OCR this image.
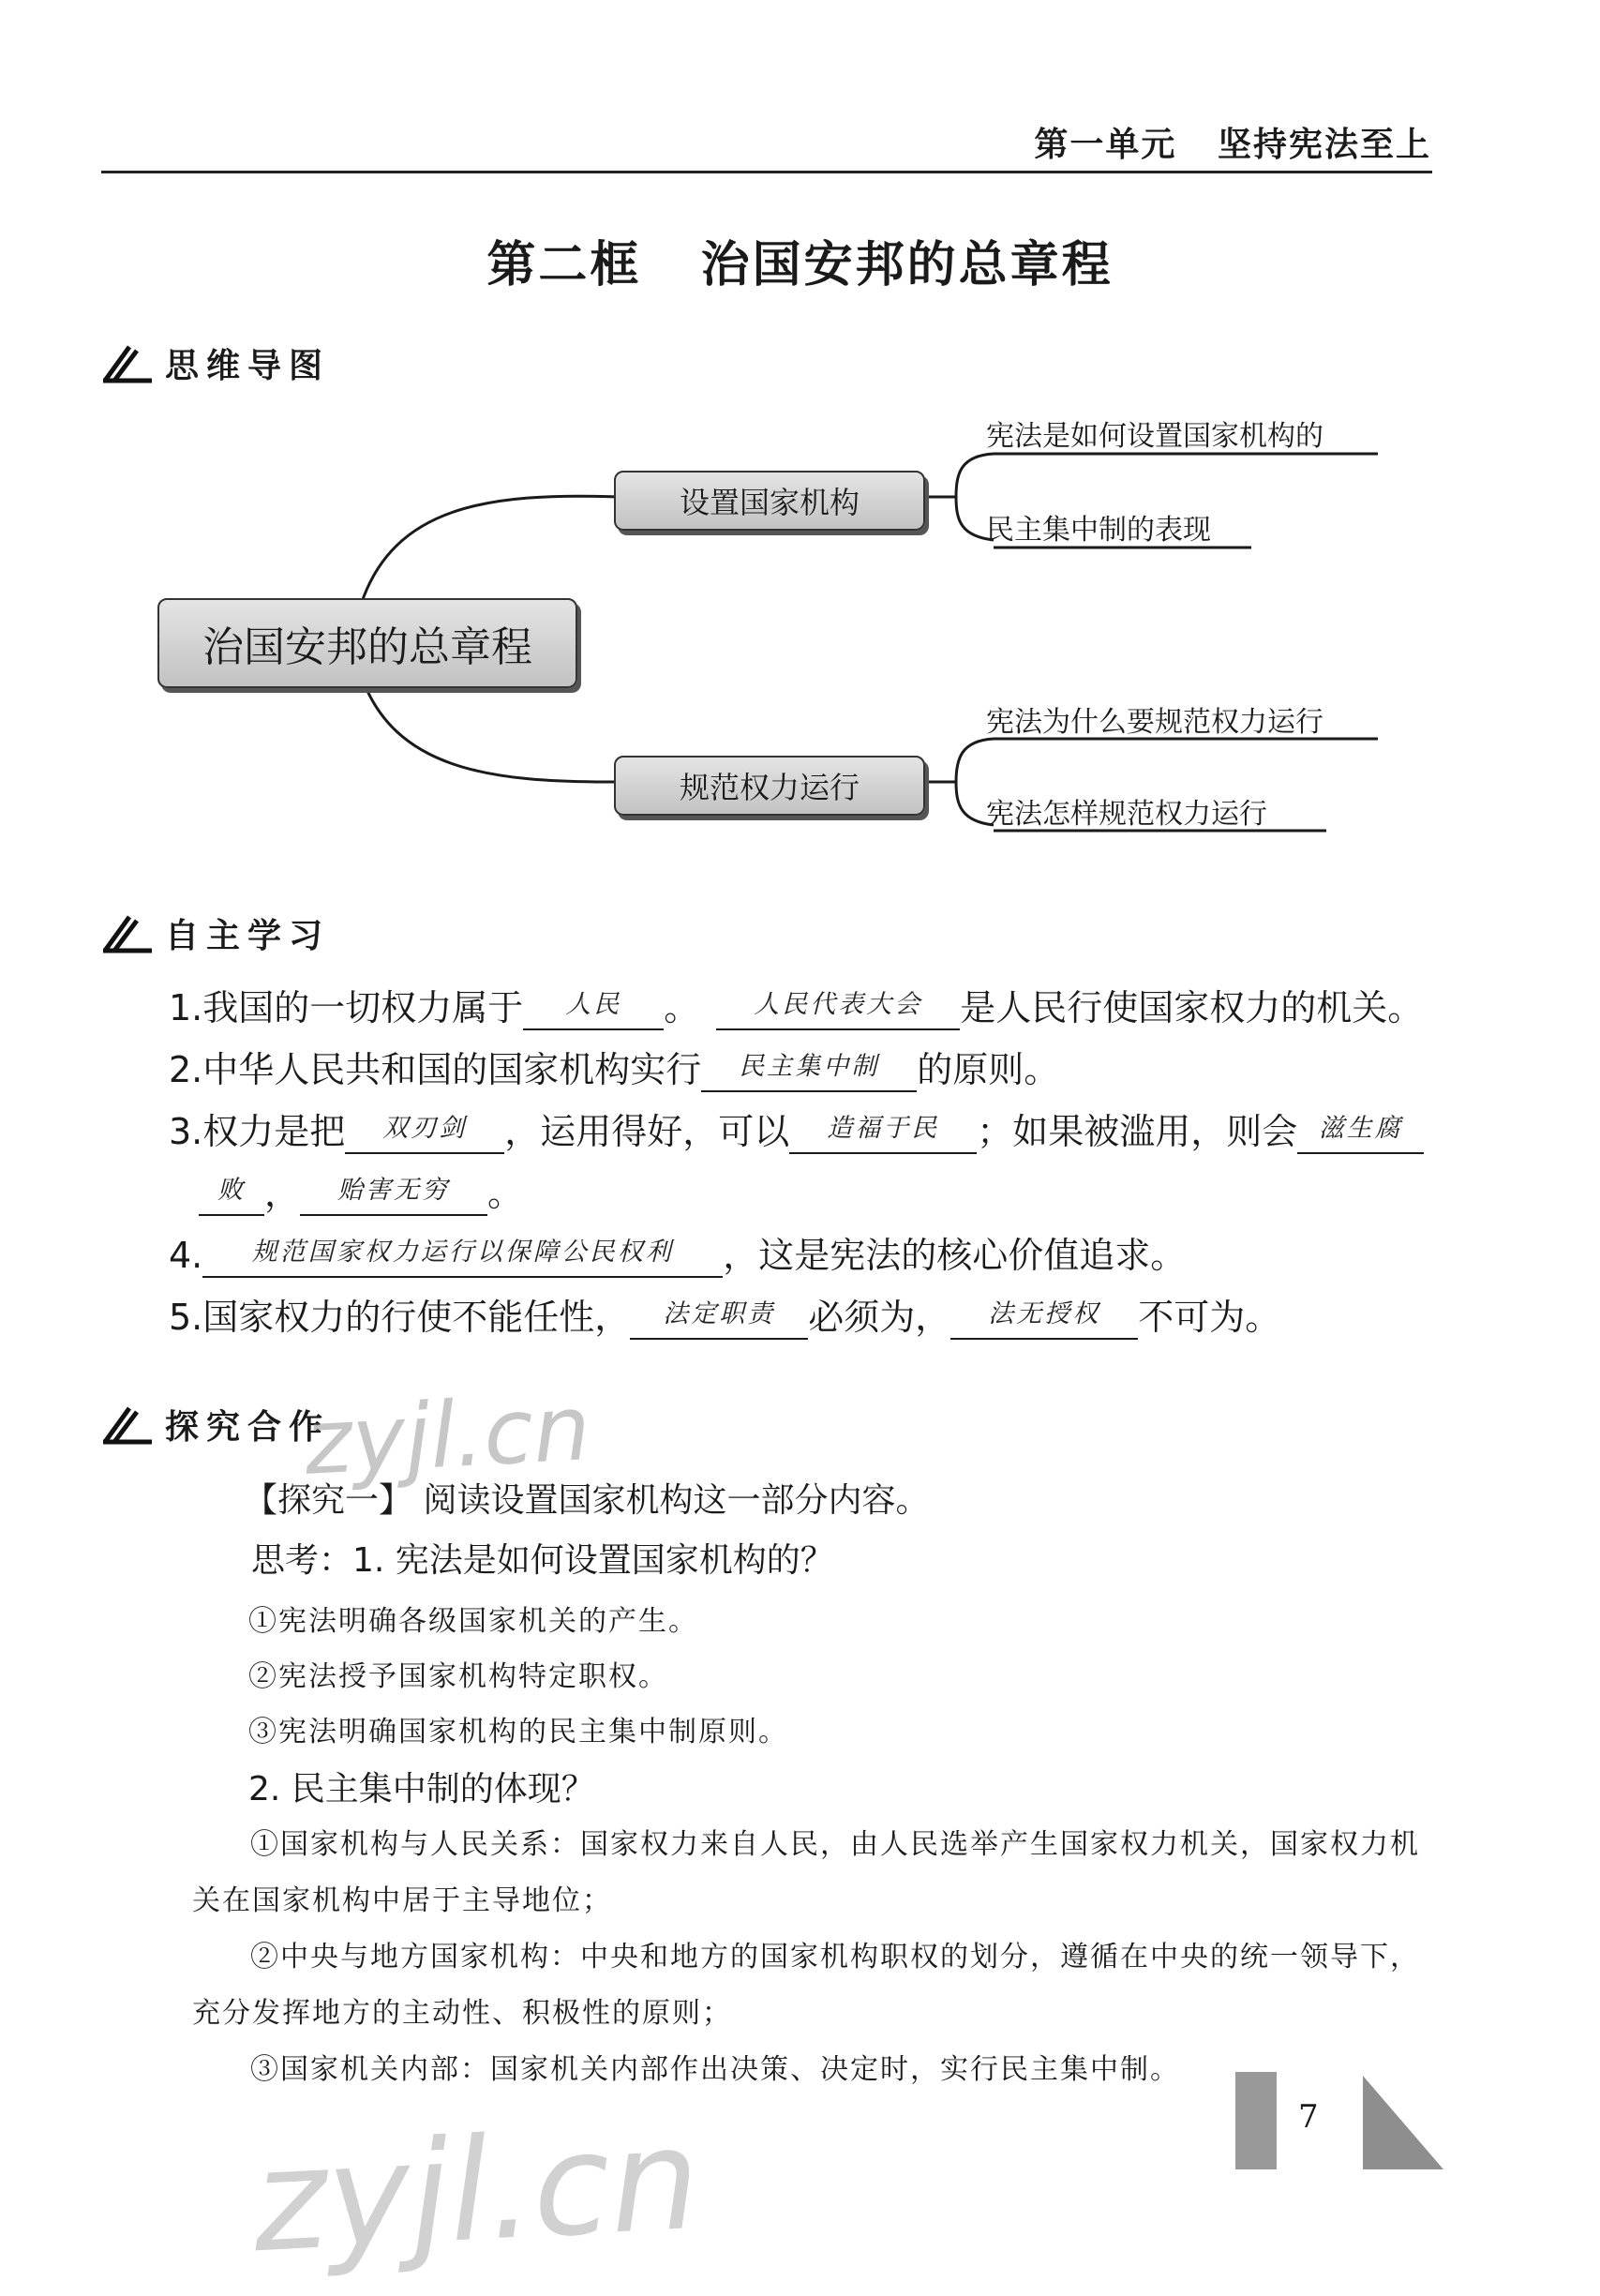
第一单元 坚持宪法至上
第二框 治国安邦的总章程
思维导图
治国安邦的总章程
设置国家机构
规范权力运行
宪法是如何设置国家机构的
民主集中制的表现
宪法为什么要规范权力运行
宪法怎样规范权力运行
自主学习
1.我国的一切权力属于 $^{人民}$ 。 $^{人民代表大会}$ 是人民行使国家权力的机关。
2.中华人民共和国的国家机构实行 $^{民主集中制}$ 的原则。
3.权力是把 $^{双刃剑}$ ，运用得好，可以 $^{造福于民}$ ；如果被滥用，则会 $^{滋生腐}$
$^败$ ， $^{贻害无穷}$ 。
4. $^{规范国家权力运行以保障公民权利}$ ，这是宪法的核心价值追求。
5.国家权力的行使不能任性， $^{法定职责}$ 必须为， $^{法无授权}$ 不可为。
探究合作
【探究一】 阅读设置国家机构这一部分内容。
思考：1. 宪法是如何设置国家机构的？
①宪法明确各级国家机关的产生。
②宪法授予国家机构特定职权。
③宪法明确国家机构的民主集中制原则。
2. 民主集中制的体现？
①国家机构与人民关系：国家权力来自人民，由人民选举产生国家权力机关，国家权力机关在国家机构中居于主导地位；
②中央与地方国家机构：中央和地方的国家机构职权的划分，遵循在中央的统一领导下，充分发挥地方的主动性、积极性的原则；
③国家机关内部：国家机关内部作出决策、决定时，实行民主集中制。
zyjl.cn
zyjl.cn	7
